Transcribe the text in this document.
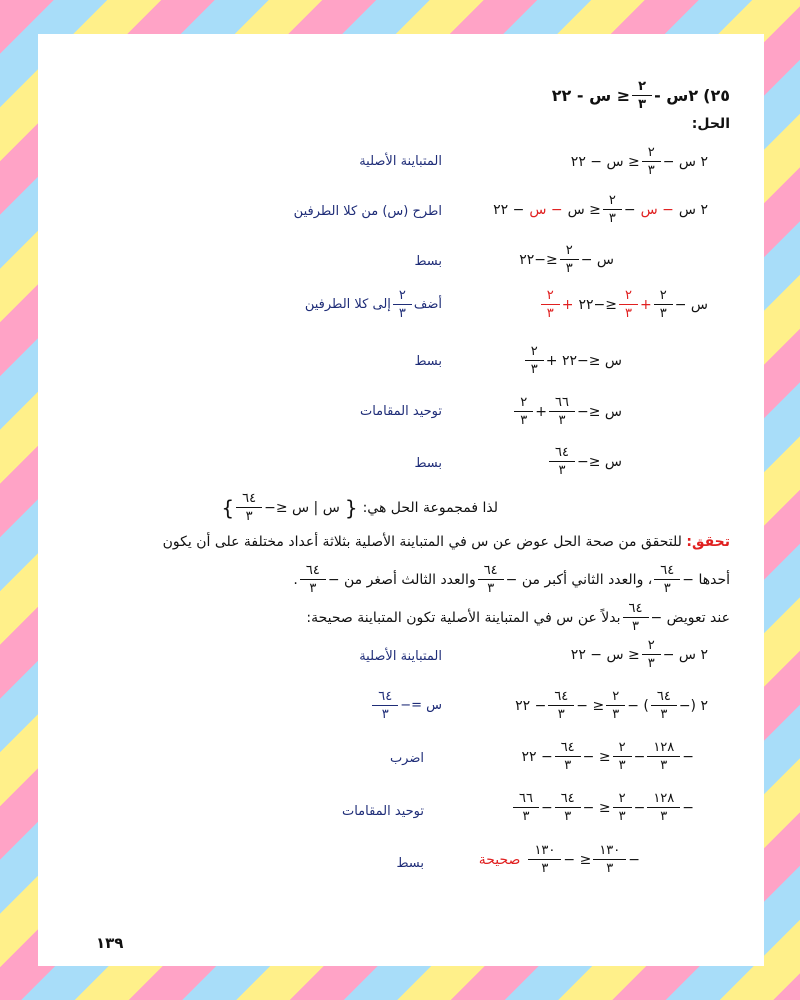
٢٥)
٢س -
$\frac{٢}{٣}$
≤ س - ٢٢
الحل:
٢ س −
$\frac{٢}{٣}$
≤ س − ٢٢
المتباينة الأصلية
٢ س
− س
−
$\frac{٢}{٣}$
≤ س
− س
− ٢٢
اطرح (س) من كلا الطرفين
س −
$\frac{٢}{٣}$
≤−٢٢
بسط
س −
$\frac{٢}{٣}$
+
$\frac{٢}{٣}$
≤−٢٢
+
$\frac{٢}{٣}$
أضف
$\frac{٢}{٣}$
إلى كلا الطرفين
س ≤−٢٢ +
$\frac{٢}{٣}$
بسط
س ≤−
$\frac{٦٦}{٣}$
+
$\frac{٢}{٣}$
توحيد المقامات
س ≤−
$\frac{٦٤}{٣}$
بسط
لذا فمجموعة الحل هي:
{
س | س ≤−
$\frac{٦٤}{٣}$
}
تحقق: للتحقق من صحة الحل عوض عن س في المتباينة الأصلية بثلاثة أعداد مختلفة على أن يكون
أحدها −
$\frac{٦٤}{٣}$
، والعدد الثاني أكبر من −
$\frac{٦٤}{٣}$
والعدد الثالث أصغر من −
$\frac{٦٤}{٣}$
.
عند تعويض −
$\frac{٦٤}{٣}$
بدلاً عن س في المتباينة الأصلية تكون المتباينة صحيحة:
٢ س −
$\frac{٢}{٣}$
≤ س − ٢٢
المتباينة الأصلية
٢ (−
$\frac{٦٤}{٣}$
) −
$\frac{٢}{٣}$
≤ −
$\frac{٦٤}{٣}$
− ٢٢
س =−
$\frac{٦٤}{٣}$
−
$\frac{١٢٨}{٣}$
−
$\frac{٢}{٣}$
≤ −
$\frac{٦٤}{٣}$
− ٢٢
اضرب
−
$\frac{١٢٨}{٣}$
−
$\frac{٢}{٣}$
≤ −
$\frac{٦٤}{٣}$
−
$\frac{٦٦}{٣}$
توحيد المقامات
−
$\frac{١٣٠}{٣}$
≤ −
$\frac{١٣٠}{٣}$
صحيحة
بسط
١٣٩
